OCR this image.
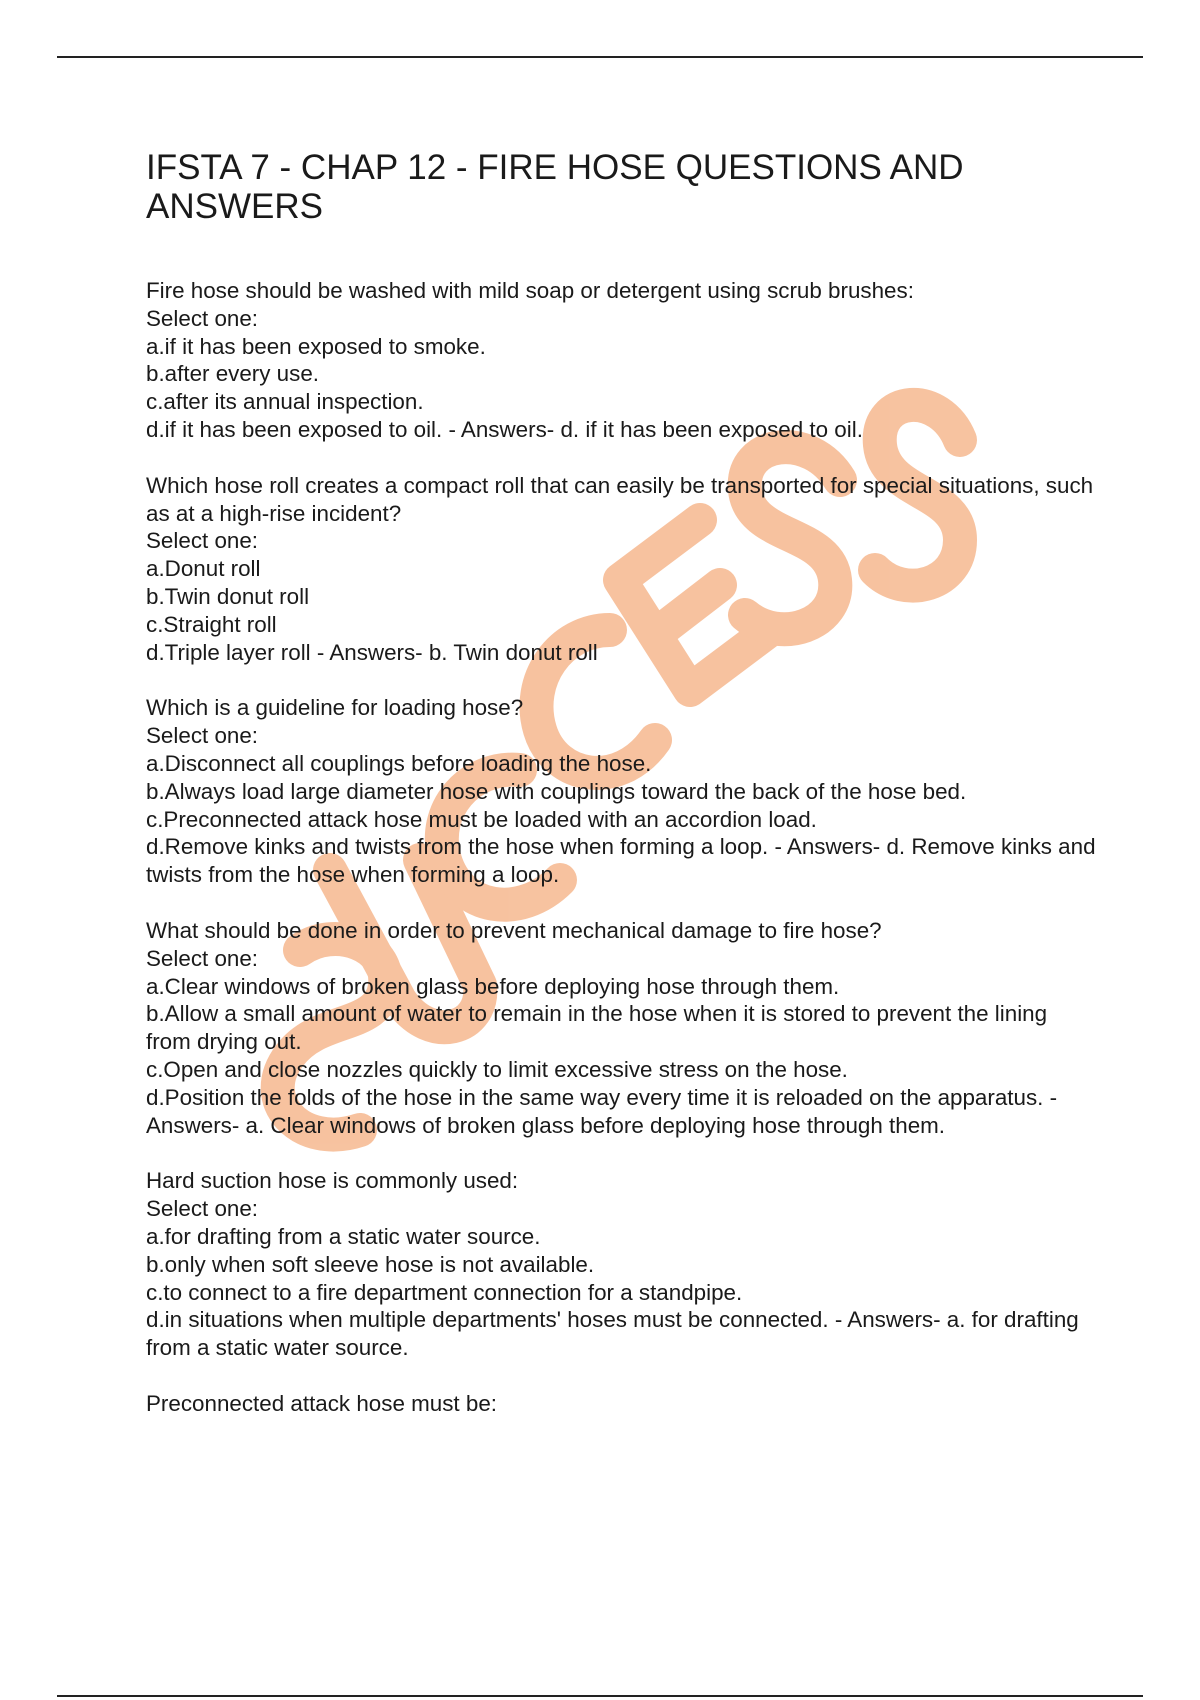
IFSTA 7 - CHAP 12 - FIRE HOSE QUESTIONS AND ANSWERS
Fire hose should be washed with mild soap or detergent using scrub brushes:
Select one:
a.if it has been exposed to smoke.
b.after every use.
c.after its annual inspection.
d.if it has been exposed to oil. - Answers- d. if it has been exposed to oil.
Which hose roll creates a compact roll that can easily be transported for special situations, such as at a high-rise incident?
Select one:
a.Donut roll
b.Twin donut roll
c.Straight roll
d.Triple layer roll - Answers- b. Twin donut roll
Which is a guideline for loading hose?
Select one:
a.Disconnect all couplings before loading the hose.
b.Always load large diameter hose with couplings toward the back of the hose bed.
c.Preconnected attack hose must be loaded with an accordion load.
d.Remove kinks and twists from the hose when forming a loop. - Answers- d. Remove kinks and twists from the hose when forming a loop.
What should be done in order to prevent mechanical damage to fire hose?
Select one:
a.Clear windows of broken glass before deploying hose through them.
b.Allow a small amount of water to remain in the hose when it is stored to prevent the lining from drying out.
c.Open and close nozzles quickly to limit excessive stress on the hose.
d.Position the folds of the hose in the same way every time it is reloaded on the apparatus. - Answers- a. Clear windows of broken glass before deploying hose through them.
Hard suction hose is commonly used:
Select one:
a.for drafting from a static water source.
b.only when soft sleeve hose is not available.
c.to connect to a fire department connection for a standpipe.
d.in situations when multiple departments' hoses must be connected. - Answers- a. for drafting from a static water source.
Preconnected attack hose must be:
